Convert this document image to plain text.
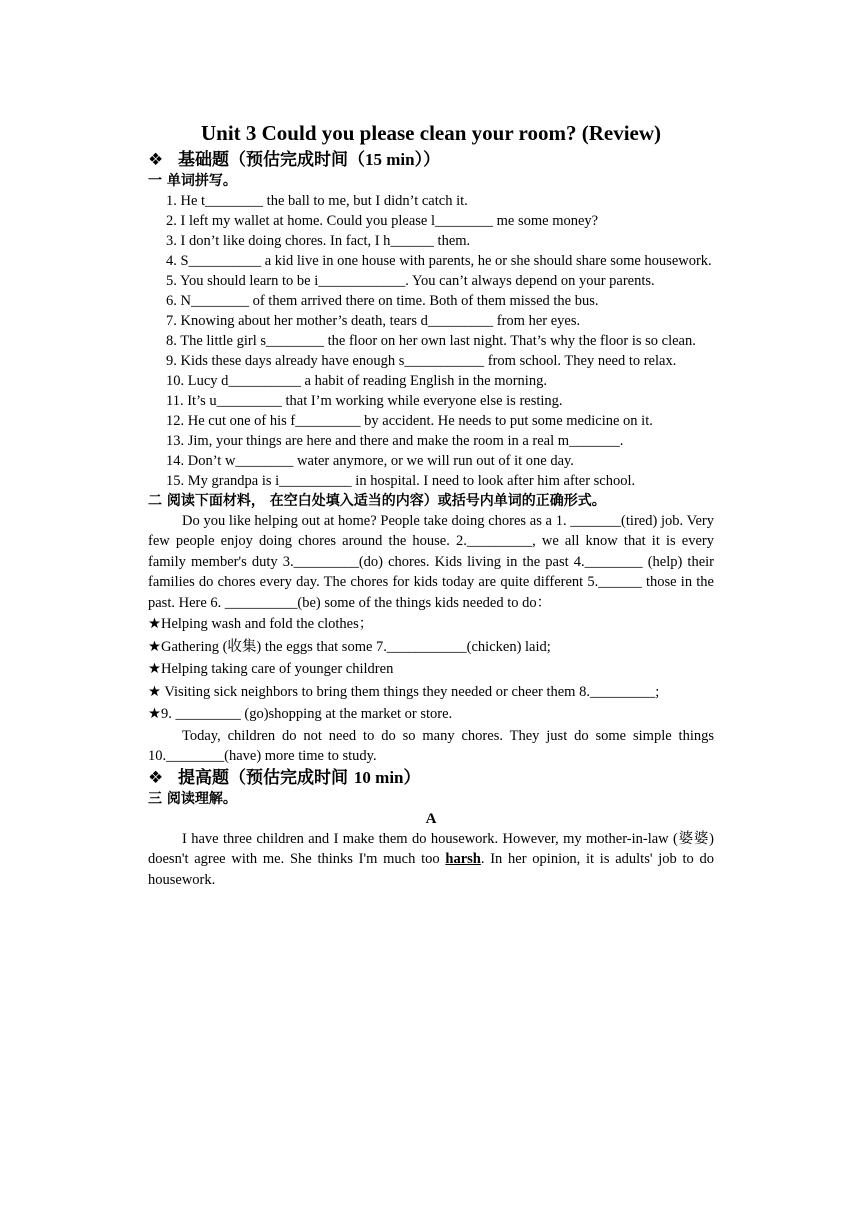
Unit 3 Could you please clean your room? (Review)

❖ 基础题（预估完成时间（15 min））

一 单词拼写。

1. He t________ the ball to me, but I didn’t catch it.
2. I left my wallet at home. Could you please l________ me some money?
3. I don’t like doing chores. In fact, I h______ them.
4. S__________ a kid live in one house with parents, he or she should share some housework.
5. You should learn to be i____________. You can’t always depend on your parents.
6. N________ of them arrived there on time. Both of them missed the bus.
7. Knowing about her mother’s death, tears d_________ from her eyes.
8. The little girl s________ the floor on her own last night. That’s why the floor is so clean.
9. Kids these days already have enough s___________ from school. They need to relax.
10. Lucy d__________ a habit of reading English in the morning.
11. It’s u_________ that I’m working while everyone else is resting.
12. He cut one of his f_________ by accident. He needs to put some medicine on it.
13. Jim, your things are here and there and make the room in a real m_______.
14. Don’t w________ water anymore, or we will run out of it one day.
15. My grandpa is i__________ in hospital. I need to look after him after school.

二 阅读下面材料， 在空白处填入适当的内容）或括号内单词的正确形式。

Do you like helping out at home? People take doing chores as a 1. _______(tired) job. Very few people enjoy doing chores around the house. 2._________, we all know that it is every family member's duty 3._________(do) chores. Kids living in the past 4.________ (help) their families do chores every day. The chores for kids today are quite different 5.______ those in the past. Here 6. __________(be) some of the things kids needed to do：

★Helping wash and fold the clothes；

★Gathering (收集) the eggs that some 7.___________(chicken) laid;

★Helping taking care of younger children

★ Visiting sick neighbors to bring them things they needed or cheer them 8._________;

★9. _________ (go)shopping at the market or store.

Today, children do not need to do so many chores. They just do some simple things 10.________(have) more time to study.

❖ 提高题（预估完成时间 10 min）

三 阅读理解。

A

I have three children and I make them do housework. However, my mother-in-law (婆婆) doesn't agree with me. She thinks I'm much too harsh. In her opinion, it is adults' job to do housework.
